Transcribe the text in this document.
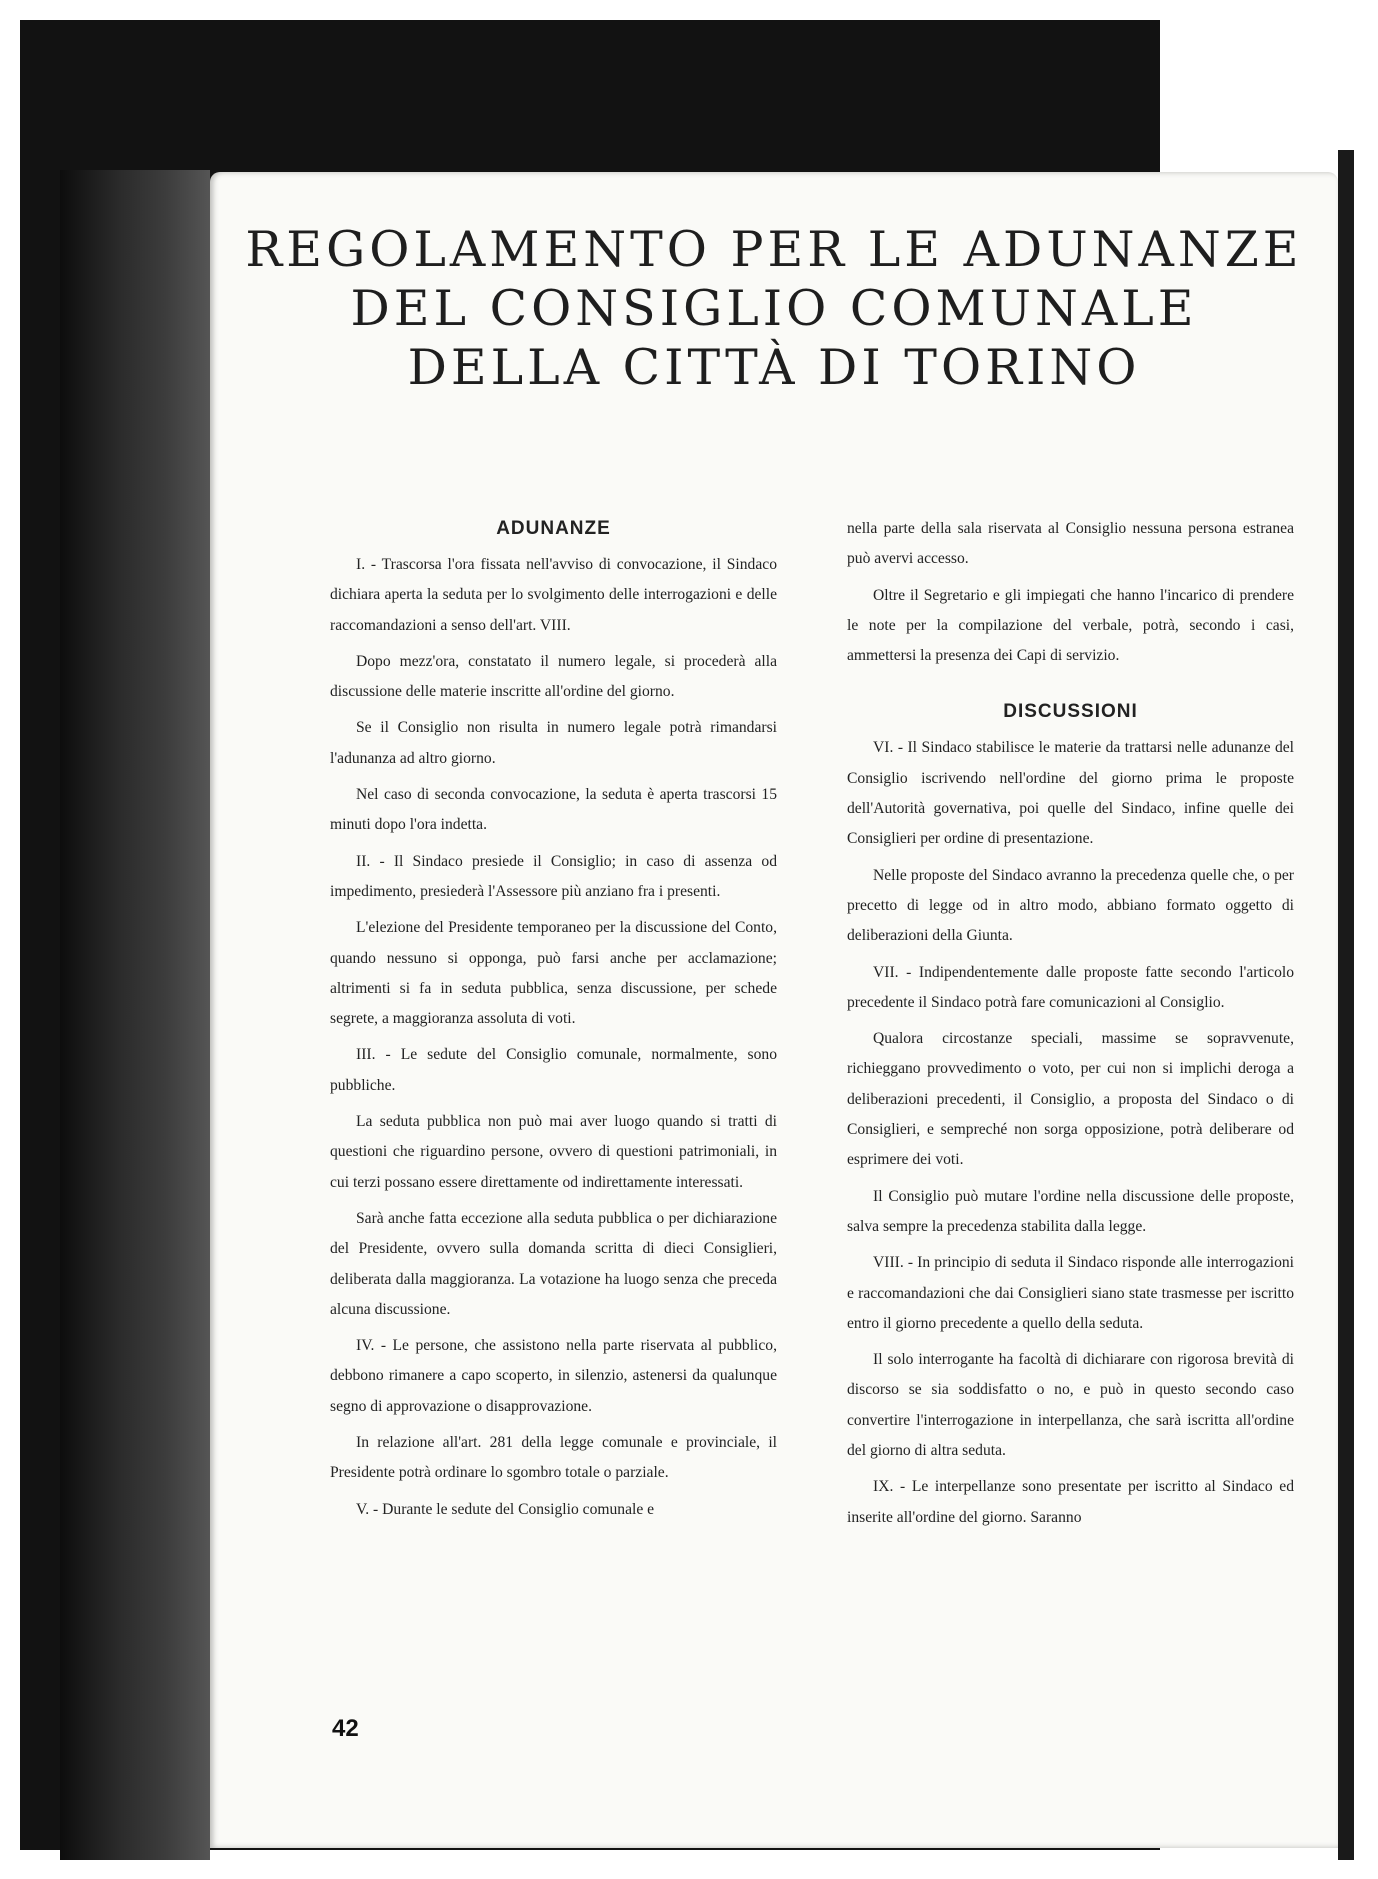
REGOLAMENTO PER LE ADUNANZE
DEL CONSIGLIO COMUNALE
DELLA CITTÀ DI TORINO
ADUNANZE

I. - Trascorsa l'ora fissata nell'avviso di convocazione, il Sindaco dichiara aperta la seduta per lo svolgimento delle interrogazioni e delle raccomandazioni a senso dell'art. VIII.

Dopo mezz'ora, constatato il numero legale, si procederà alla discussione delle materie inscritte all'ordine del giorno.

Se il Consiglio non risulta in numero legale potrà rimandarsi l'adunanza ad altro giorno.

Nel caso di seconda convocazione, la seduta è aperta trascorsi 15 minuti dopo l'ora indetta.

II. - Il Sindaco presiede il Consiglio; in caso di assenza od impedimento, presiederà l'Assessore più anziano fra i presenti.

L'elezione del Presidente temporaneo per la discussione del Conto, quando nessuno si opponga, può farsi anche per acclamazione; altrimenti si fa in seduta pubblica, senza discussione, per schede segrete, a maggioranza assoluta di voti.

III. - Le sedute del Consiglio comunale, normalmente, sono pubbliche.

La seduta pubblica non può mai aver luogo quando si tratti di questioni che riguardino persone, ovvero di questioni patrimoniali, in cui terzi possano essere direttamente od indirettamente interessati.

Sarà anche fatta eccezione alla seduta pubblica o per dichiarazione del Presidente, ovvero sulla domanda scritta di dieci Consiglieri, deliberata dalla maggioranza. La votazione ha luogo senza che preceda alcuna discussione.

IV. - Le persone, che assistono nella parte riservata al pubblico, debbono rimanere a capo scoperto, in silenzio, astenersi da qualunque segno di approvazione o disapprovazione.

In relazione all'art. 281 della legge comunale e provinciale, il Presidente potrà ordinare lo sgombro totale o parziale.

V. - Durante le sedute del Consiglio comunale e

nella parte della sala riservata al Consiglio nessuna persona estranea può avervi accesso.

Oltre il Segretario e gli impiegati che hanno l'incarico di prendere le note per la compilazione del verbale, potrà, secondo i casi, ammettersi la presenza dei Capi di servizio.

DISCUSSIONI

VI. - Il Sindaco stabilisce le materie da trattarsi nelle adunanze del Consiglio iscrivendo nell'ordine del giorno prima le proposte dell'Autorità governativa, poi quelle del Sindaco, infine quelle dei Consiglieri per ordine di presentazione.

Nelle proposte del Sindaco avranno la precedenza quelle che, o per precetto di legge od in altro modo, abbiano formato oggetto di deliberazioni della Giunta.

VII. - Indipendentemente dalle proposte fatte secondo l'articolo precedente il Sindaco potrà fare comunicazioni al Consiglio.

Qualora circostanze speciali, massime se sopravvenute, richieggano provvedimento o voto, per cui non si implichi deroga a deliberazioni precedenti, il Consiglio, a proposta del Sindaco o di Consiglieri, e sempreché non sorga opposizione, potrà deliberare od esprimere dei voti.

Il Consiglio può mutare l'ordine nella discussione delle proposte, salva sempre la precedenza stabilita dalla legge.

VIII. - In principio di seduta il Sindaco risponde alle interrogazioni e raccomandazioni che dai Consiglieri siano state trasmesse per iscritto entro il giorno precedente a quello della seduta.

Il solo interrogante ha facoltà di dichiarare con rigorosa brevità di discorso se sia soddisfatto o no, e può in questo secondo caso convertire l'interrogazione in interpellanza, che sarà iscritta all'ordine del giorno di altra seduta.

IX. - Le interpellanze sono presentate per iscritto al Sindaco ed inserite all'ordine del giorno. Saranno

42
